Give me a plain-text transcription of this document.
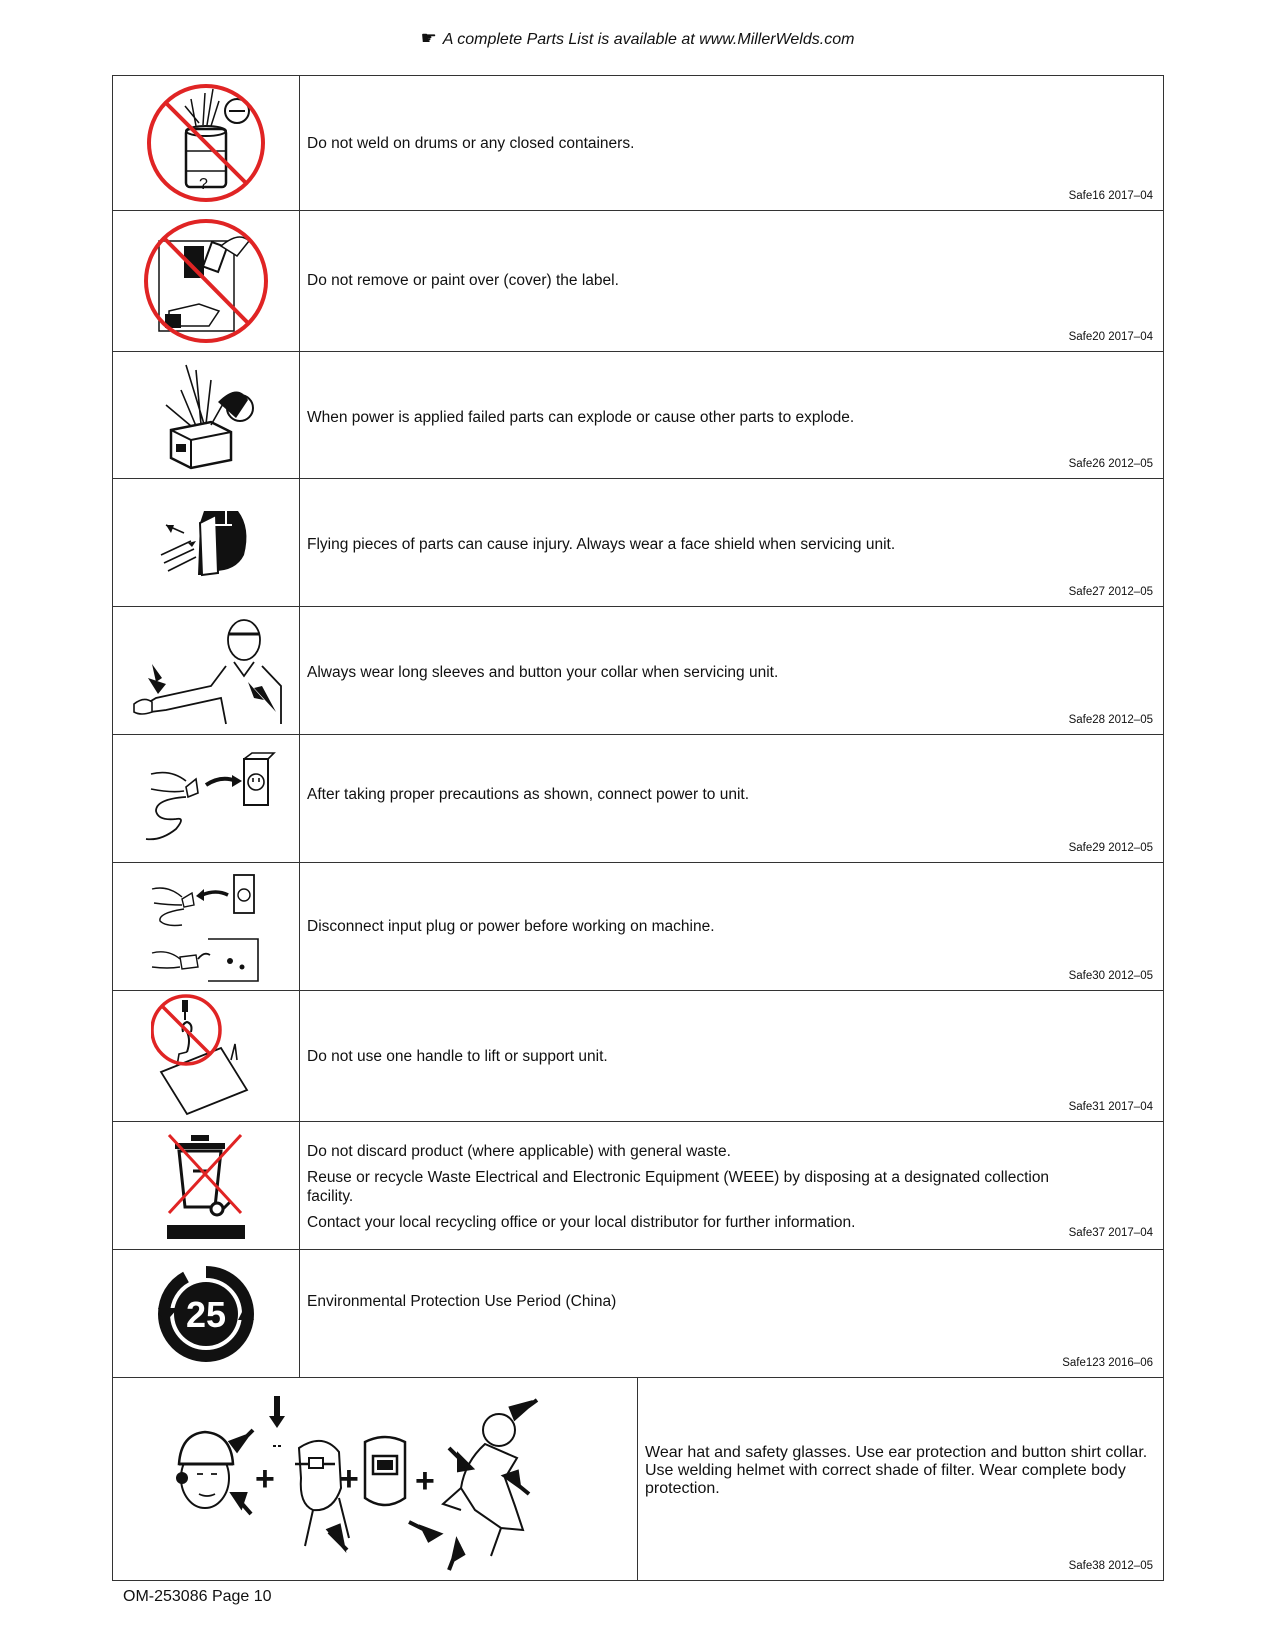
☛ A complete Parts List is available at www.MillerWelds.com
?

Do not weld on drums or any closed containers.

Safe16 2017–04

Do not remove or paint over (cover) the label.

Safe20 2017–04

When power is applied failed parts can explode or cause other parts to explode.

Safe26 2012–05

Flying pieces of parts can cause injury. Always wear a face shield when servicing unit.

Safe27 2012–05

Always wear long sleeves and button your collar when servicing unit.

Safe28 2012–05

After taking proper precautions as shown, connect power to unit.

Safe29 2012–05

Disconnect input plug or power before working on machine.

Safe30 2012–05

Do not use one handle to lift or support unit.

Safe31 2017–04

Do not discard product (where applicable) with general waste.

Reuse or recycle Waste Electrical and Electronic Equipment (WEEE) by disposing at a designated collection facility.

Contact your local recycling office or your local distributor for further information.

Safe37 2017–04
25	Environmental Protection Use Period (China)

Safe123 2016–06
+ + +

Wear hat and safety glasses. Use ear protection and button shirt collar. Use welding helmet with correct shade of filter. Wear complete body protection.

Safe38 2012–05
OM-253086 Page 10
